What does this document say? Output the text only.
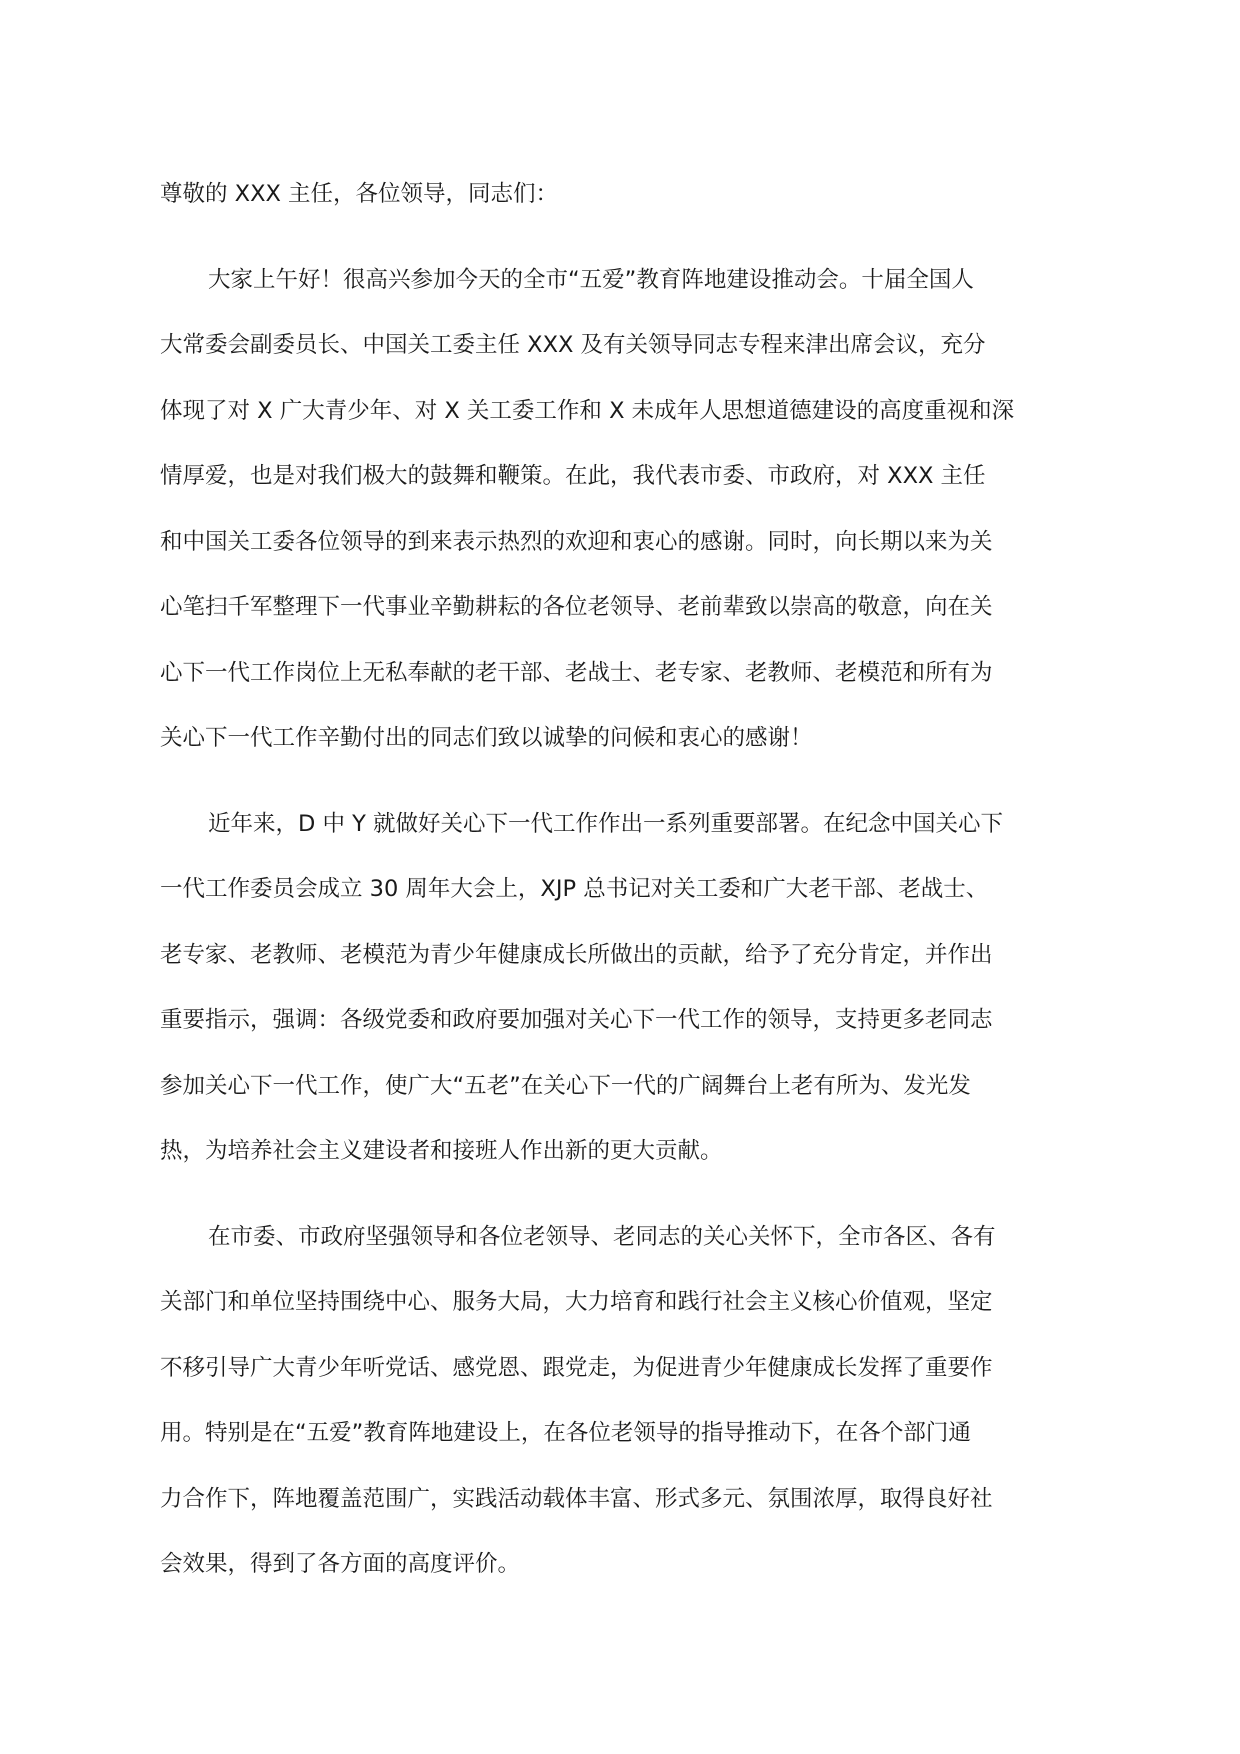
尊敬的 XXX 主任，各位领导，同志们：
大家上午好！很高兴参加今天的全市“五爱”教育阵地建设推动会。十届全国人
大常委会副委员长、中国关工委主任 XXX 及有关领导同志专程来津出席会议，充分
体现了对 X 广大青少年、对 X 关工委工作和 X 未成年人思想道德建设的高度重视和深
情厚爱，也是对我们极大的鼓舞和鞭策。在此，我代表市委、市政府，对 XXX 主任
和中国关工委各位领导的到来表示热烈的欢迎和衷心的感谢。同时，向长期以来为关
心笔扫千军整理下一代事业辛勤耕耘的各位老领导、老前辈致以崇高的敬意，向在关
心下一代工作岗位上无私奉献的老干部、老战士、老专家、老教师、老模范和所有为
关心下一代工作辛勤付出的同志们致以诚挚的问候和衷心的感谢！
近年来，D 中 Y 就做好关心下一代工作作出一系列重要部署。在纪念中国关心下
一代工作委员会成立 30 周年大会上，XJP 总书记对关工委和广大老干部、老战士、
老专家、老教师、老模范为青少年健康成长所做出的贡献，给予了充分肯定，并作出
重要指示，强调：各级党委和政府要加强对关心下一代工作的领导，支持更多老同志
参加关心下一代工作，使广大“五老”在关心下一代的广阔舞台上老有所为、发光发
热，为培养社会主义建设者和接班人作出新的更大贡献。
在市委、市政府坚强领导和各位老领导、老同志的关心关怀下，全市各区、各有
关部门和单位坚持围绕中心、服务大局，大力培育和践行社会主义核心价值观，坚定
不移引导广大青少年听党话、感党恩、跟党走，为促进青少年健康成长发挥了重要作
用。特别是在“五爱”教育阵地建设上，在各位老领导的指导推动下，在各个部门通
力合作下，阵地覆盖范围广，实践活动载体丰富、形式多元、氛围浓厚，取得良好社
会效果，得到了各方面的高度评价。
